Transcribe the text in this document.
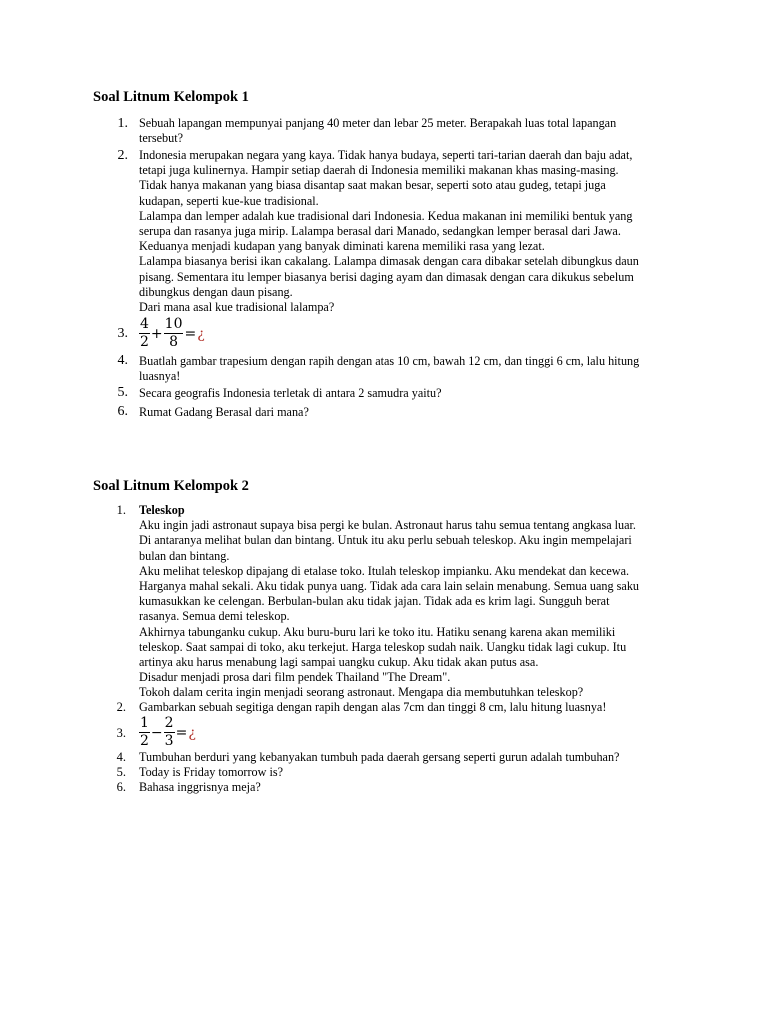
Soal Litnum Kelompok 1
1. Sebuah lapangan mempunyai panjang 40 meter dan lebar 25 meter. Berapakah luas total lapangan
tersebut?
2. Indonesia merupakan negara yang kaya. Tidak hanya budaya, seperti tari-tarian daerah dan baju adat,
tetapi juga kulinernya. Hampir setiap daerah di Indonesia memiliki makanan khas masing-masing.
Tidak hanya makanan yang biasa disantap saat makan besar, seperti soto atau gudeg, tetapi juga
kudapan, seperti kue-kue tradisional.
Lalampa dan lemper adalah kue tradisional dari Indonesia. Kedua makanan ini memiliki bentuk yang
serupa dan rasanya juga mirip. Lalampa berasal dari Manado, sedangkan lemper berasal dari Jawa.
Keduanya menjadi kudapan yang banyak diminati karena memiliki rasa yang lezat.
Lalampa biasanya berisi ikan cakalang. Lalampa dimasak dengan cara dibakar setelah dibungkus daun
pisang. Sementara itu lemper biasanya berisi daging ayam dan dimasak dengan cara dikukus sebelum
dibungkus dengan daun pisang.
Dari mana asal kue tradisional lalampa?
3.
4
2
+ $\frac{10}{8}$ = ¿
4. Buatlah gambar trapesium dengan rapih dengan atas 10 cm, bawah 12 cm, dan tinggi 6 cm, lalu hitung
luasnya!
5. Secara geografis Indonesia terletak di antara 2 samudra yaitu?
6. Rumat Gadang Berasal dari mana?
Soal Litnum Kelompok 2
1. Teleskop
Aku ingin jadi astronaut supaya bisa pergi ke bulan. Astronaut harus tahu semua tentang angkasa luar.
Di antaranya melihat bulan dan bintang. Untuk itu aku perlu sebuah teleskop. Aku ingin mempelajari
bulan dan bintang.
Aku melihat teleskop dipajang di etalase toko. Itulah teleskop impianku. Aku mendekat dan kecewa.
Harganya mahal sekali. Aku tidak punya uang. Tidak ada cara lain selain menabung. Semua uang saku
kumasukkan ke celengan. Berbulan-bulan aku tidak jajan. Tidak ada es krim lagi. Sungguh berat
rasanya. Semua demi teleskop.
Akhirnya tabunganku cukup. Aku buru-buru lari ke toko itu. Hatiku senang karena akan memiliki
teleskop. Saat sampai di toko, aku terkejut. Harga teleskop sudah naik. Uangku tidak lagi cukup. Itu
artinya aku harus menabung lagi sampai uangku cukup. Aku tidak akan putus asa.
Disadur menjadi prosa dari film pendek Thailand "The Dream".
Tokoh dalam cerita ingin menjadi seorang astronaut. Mengapa dia membutuhkan teleskop?
2. Gambarkan sebuah segitiga dengan rapih dengan alas 7cm dan tinggi 8 cm, lalu hitung luasnya!
3.
1
2
− $\frac{2}{3}$ = ¿
4. Tumbuhan berduri yang kebanyakan tumbuh pada daerah gersang seperti gurun adalah tumbuhan?
5. Today is Friday tomorrow is?
6. Bahasa inggrisnya meja?
